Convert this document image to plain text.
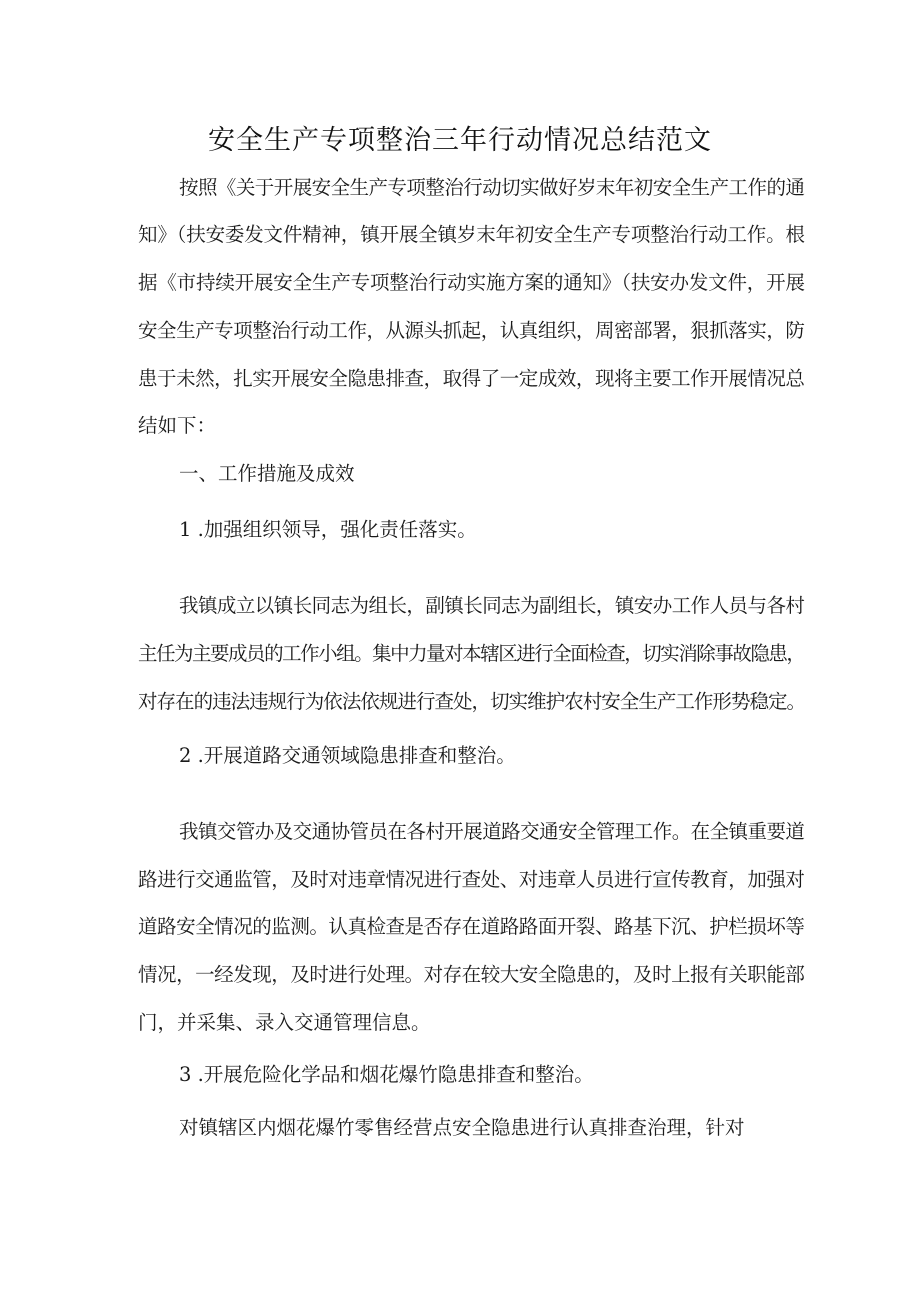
安全生产专项整治三年行动情况总结范文
按照《关于开展安全生产专项整治行动切实做好岁末年初安全生产工作的通
知》（扶安委发文件精神，镇开展全镇岁末年初安全生产专项整治行动工作。根
据《市持续开展安全生产专项整治行动实施方案的通知》（扶安办发文件，开展
安全生产专项整治行动工作，从源头抓起，认真组织，周密部署，狠抓落实，防
患于未然，扎实开展安全隐患排查，取得了一定成效，现将主要工作开展情况总
结如下：
一、工作措施及成效
1 .加强组织领导，强化责任落实。
我镇成立以镇长同志为组长，副镇长同志为副组长，镇安办工作人员与各村
主任为主要成员的工作小组。集中力量对本辖区进行全面检查，切实消除事故隐患，
对存在的违法违规行为依法依规进行查处，切实维护农村安全生产工作形势稳定。
2 .开展道路交通领域隐患排查和整治。
我镇交管办及交通协管员在各村开展道路交通安全管理工作。在全镇重要道
路进行交通监管，及时对违章情况进行查处、对违章人员进行宣传教育，加强对
道路安全情况的监测。认真检查是否存在道路路面开裂、路基下沉、护栏损坏等
情况，一经发现，及时进行处理。对存在较大安全隐患的，及时上报有关职能部
门，并采集、录入交通管理信息。
3 .开展危险化学品和烟花爆竹隐患排查和整治。
对镇辖区内烟花爆竹零售经营点安全隐患进行认真排查治理，针对
